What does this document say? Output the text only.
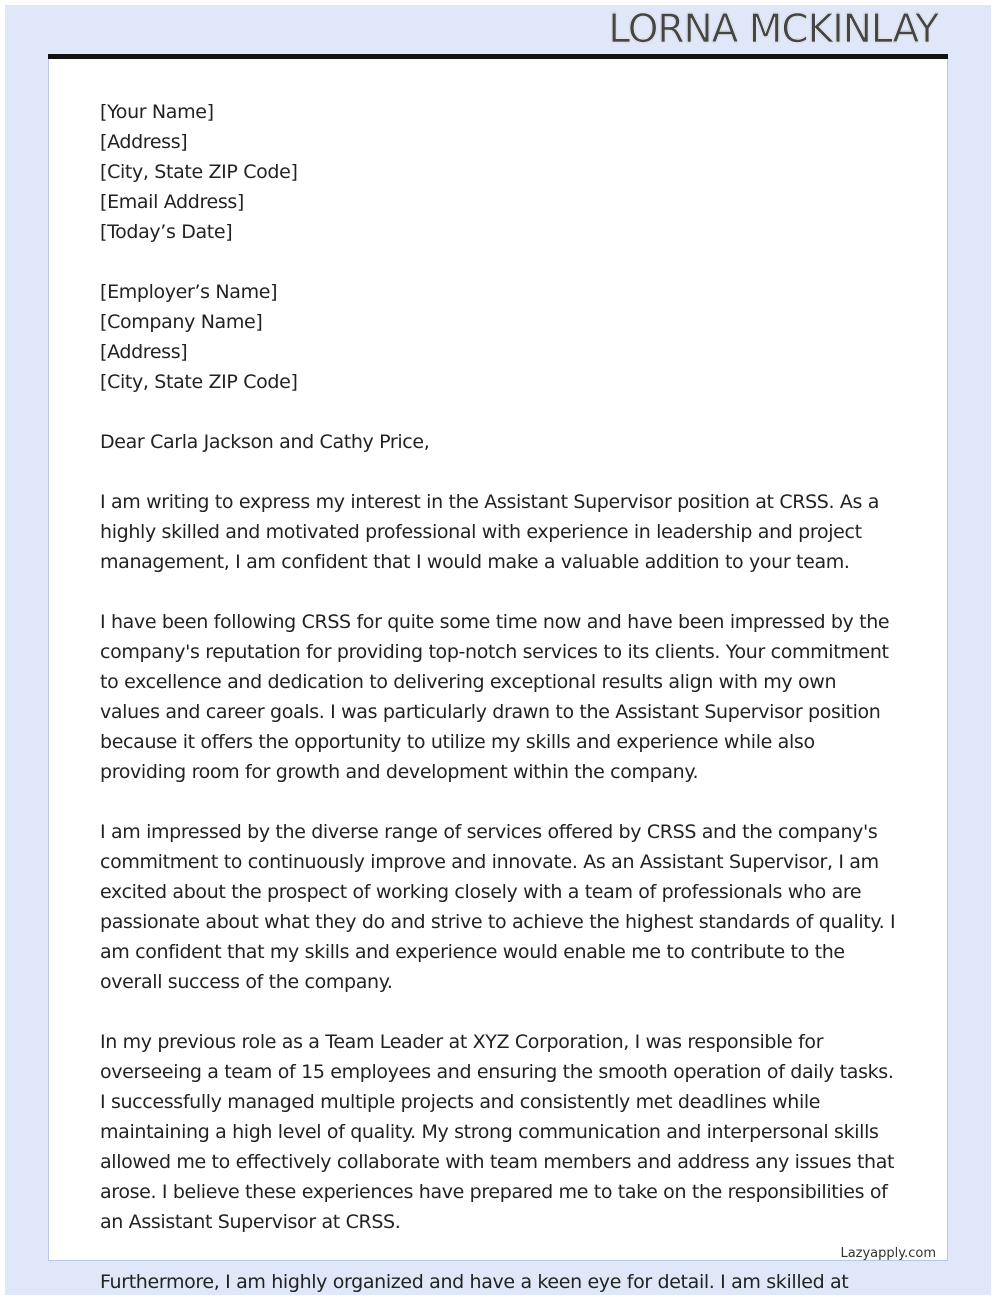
LORNA MCKINLAY
[Your Name]
[Address]
[City, State ZIP Code]
[Email Address]
[Today’s Date]
[Employer’s Name]
[Company Name]
[Address]
[City, State ZIP Code]

Dear Carla Jackson and Cathy Price,

I am writing to express my interest in the Assistant Supervisor position at CRSS. As a highly skilled and motivated professional with experience in leadership and project management, I am confident that I would make a valuable addition to your team.

I have been following CRSS for quite some time now and have been impressed by the company's reputation for providing top-notch services to its clients. Your commitment to excellence and dedication to delivering exceptional results align with my own values and career goals. I was particularly drawn to the Assistant Supervisor position because it offers the opportunity to utilize my skills and experience while also providing room for growth and development within the company.

I am impressed by the diverse range of services offered by CRSS and the company's commitment to continuously improve and innovate. As an Assistant Supervisor, I am excited about the prospect of working closely with a team of professionals who are passionate about what they do and strive to achieve the highest standards of quality. I am confident that my skills and experience would enable me to contribute to the overall success of the company.

In my previous role as a Team Leader at XYZ Corporation, I was responsible for overseeing a team of 15 employees and ensuring the smooth operation of daily tasks. I successfully managed multiple projects and consistently met deadlines while maintaining a high level of quality. My strong communication and interpersonal skills allowed me to effectively collaborate with team members and address any issues that arose. I believe these experiences have prepared me to take on the responsibilities of an Assistant Supervisor at CRSS.

Lazyapply.com
Furthermore, I am highly organized and have a keen eye for detail. I am skilled at
